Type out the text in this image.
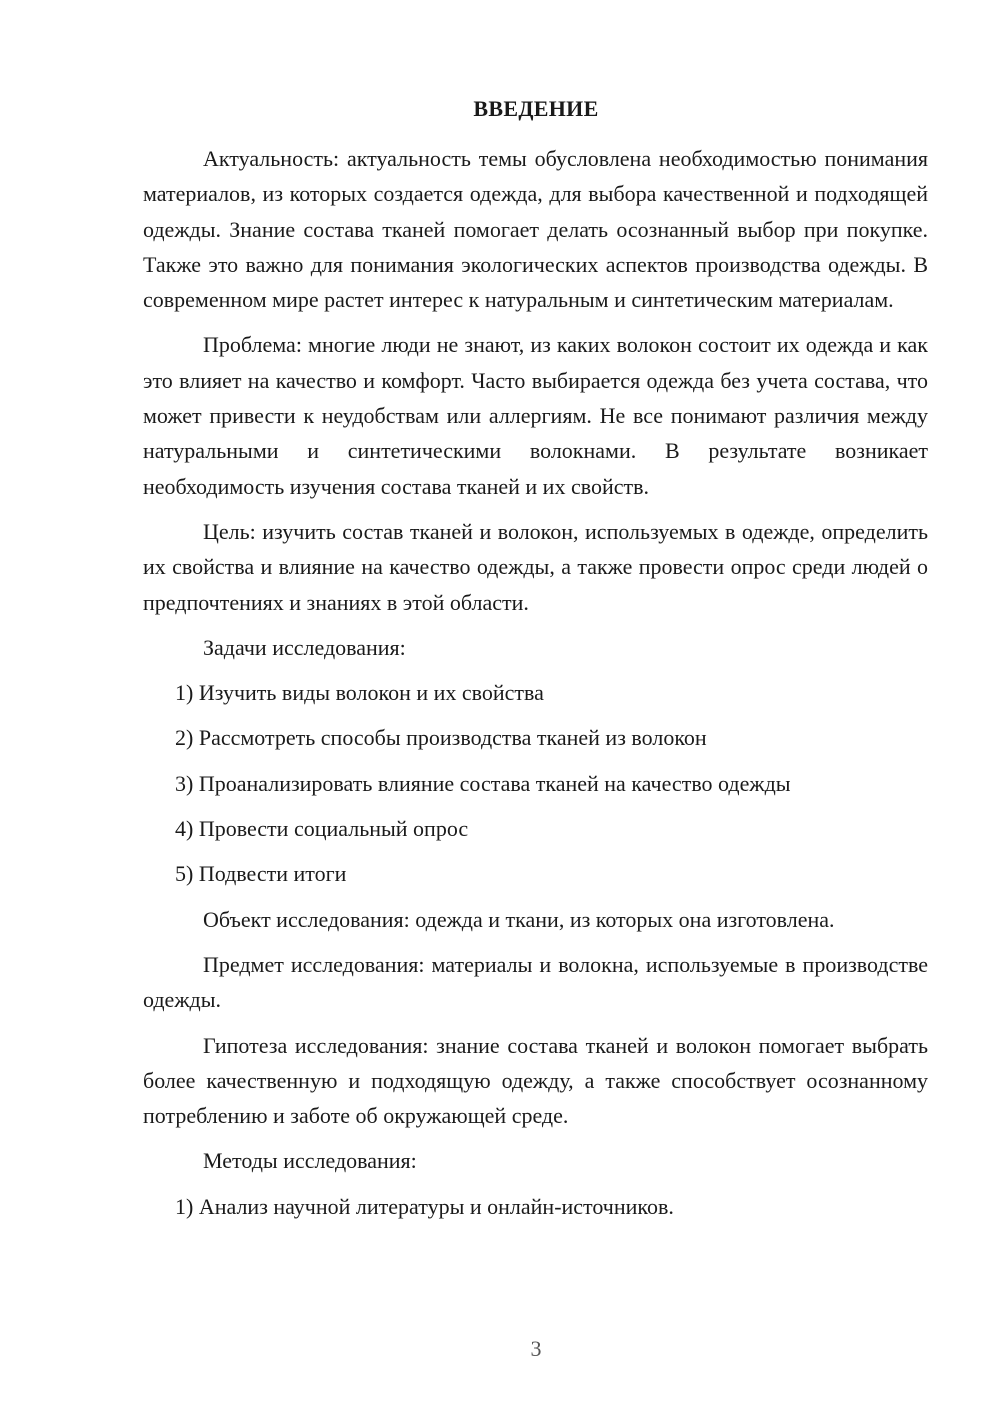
ВВЕДЕНИЕ

Актуальность: актуальность темы обусловлена необходимостью понимания материалов, из которых создается одежда, для выбора качественной и подходящей одежды. Знание состава тканей помогает делать осознанный выбор при покупке. Также это важно для понимания экологических аспектов производства одежды. В современном мире растет интерес к натуральным и синтетическим материалам.

Проблема: многие люди не знают, из каких волокон состоит их одежда и как это влияет на качество и комфорт. Часто выбирается одежда без учета состава, что может привести к неудобствам или аллергиям. Не все понимают различия между натуральными и синтетическими волокнами. В результате возникает необходимость изучения состава тканей и их свойств.

Цель: изучить состав тканей и волокон, используемых в одежде, определить их свойства и влияние на качество одежды, а также провести опрос среди людей о предпочтениях и знаниях в этой области.

Задачи исследования:

1) Изучить виды волокон и их свойства
2) Рассмотреть способы производства тканей из волокон
3) Проанализировать влияние состава тканей на качество одежды
4) Провести социальный опрос
5) Подвести итоги

Объект исследования: одежда и ткани, из которых она изготовлена.

Предмет исследования: материалы и волокна, используемые в производстве одежды.

Гипотеза исследования: знание состава тканей и волокон помогает выбрать более качественную и подходящую одежду, а также способствует осознанному потреблению и заботе об окружающей среде.

Методы исследования:

1) Анализ научной литературы и онлайн-источников.
3
